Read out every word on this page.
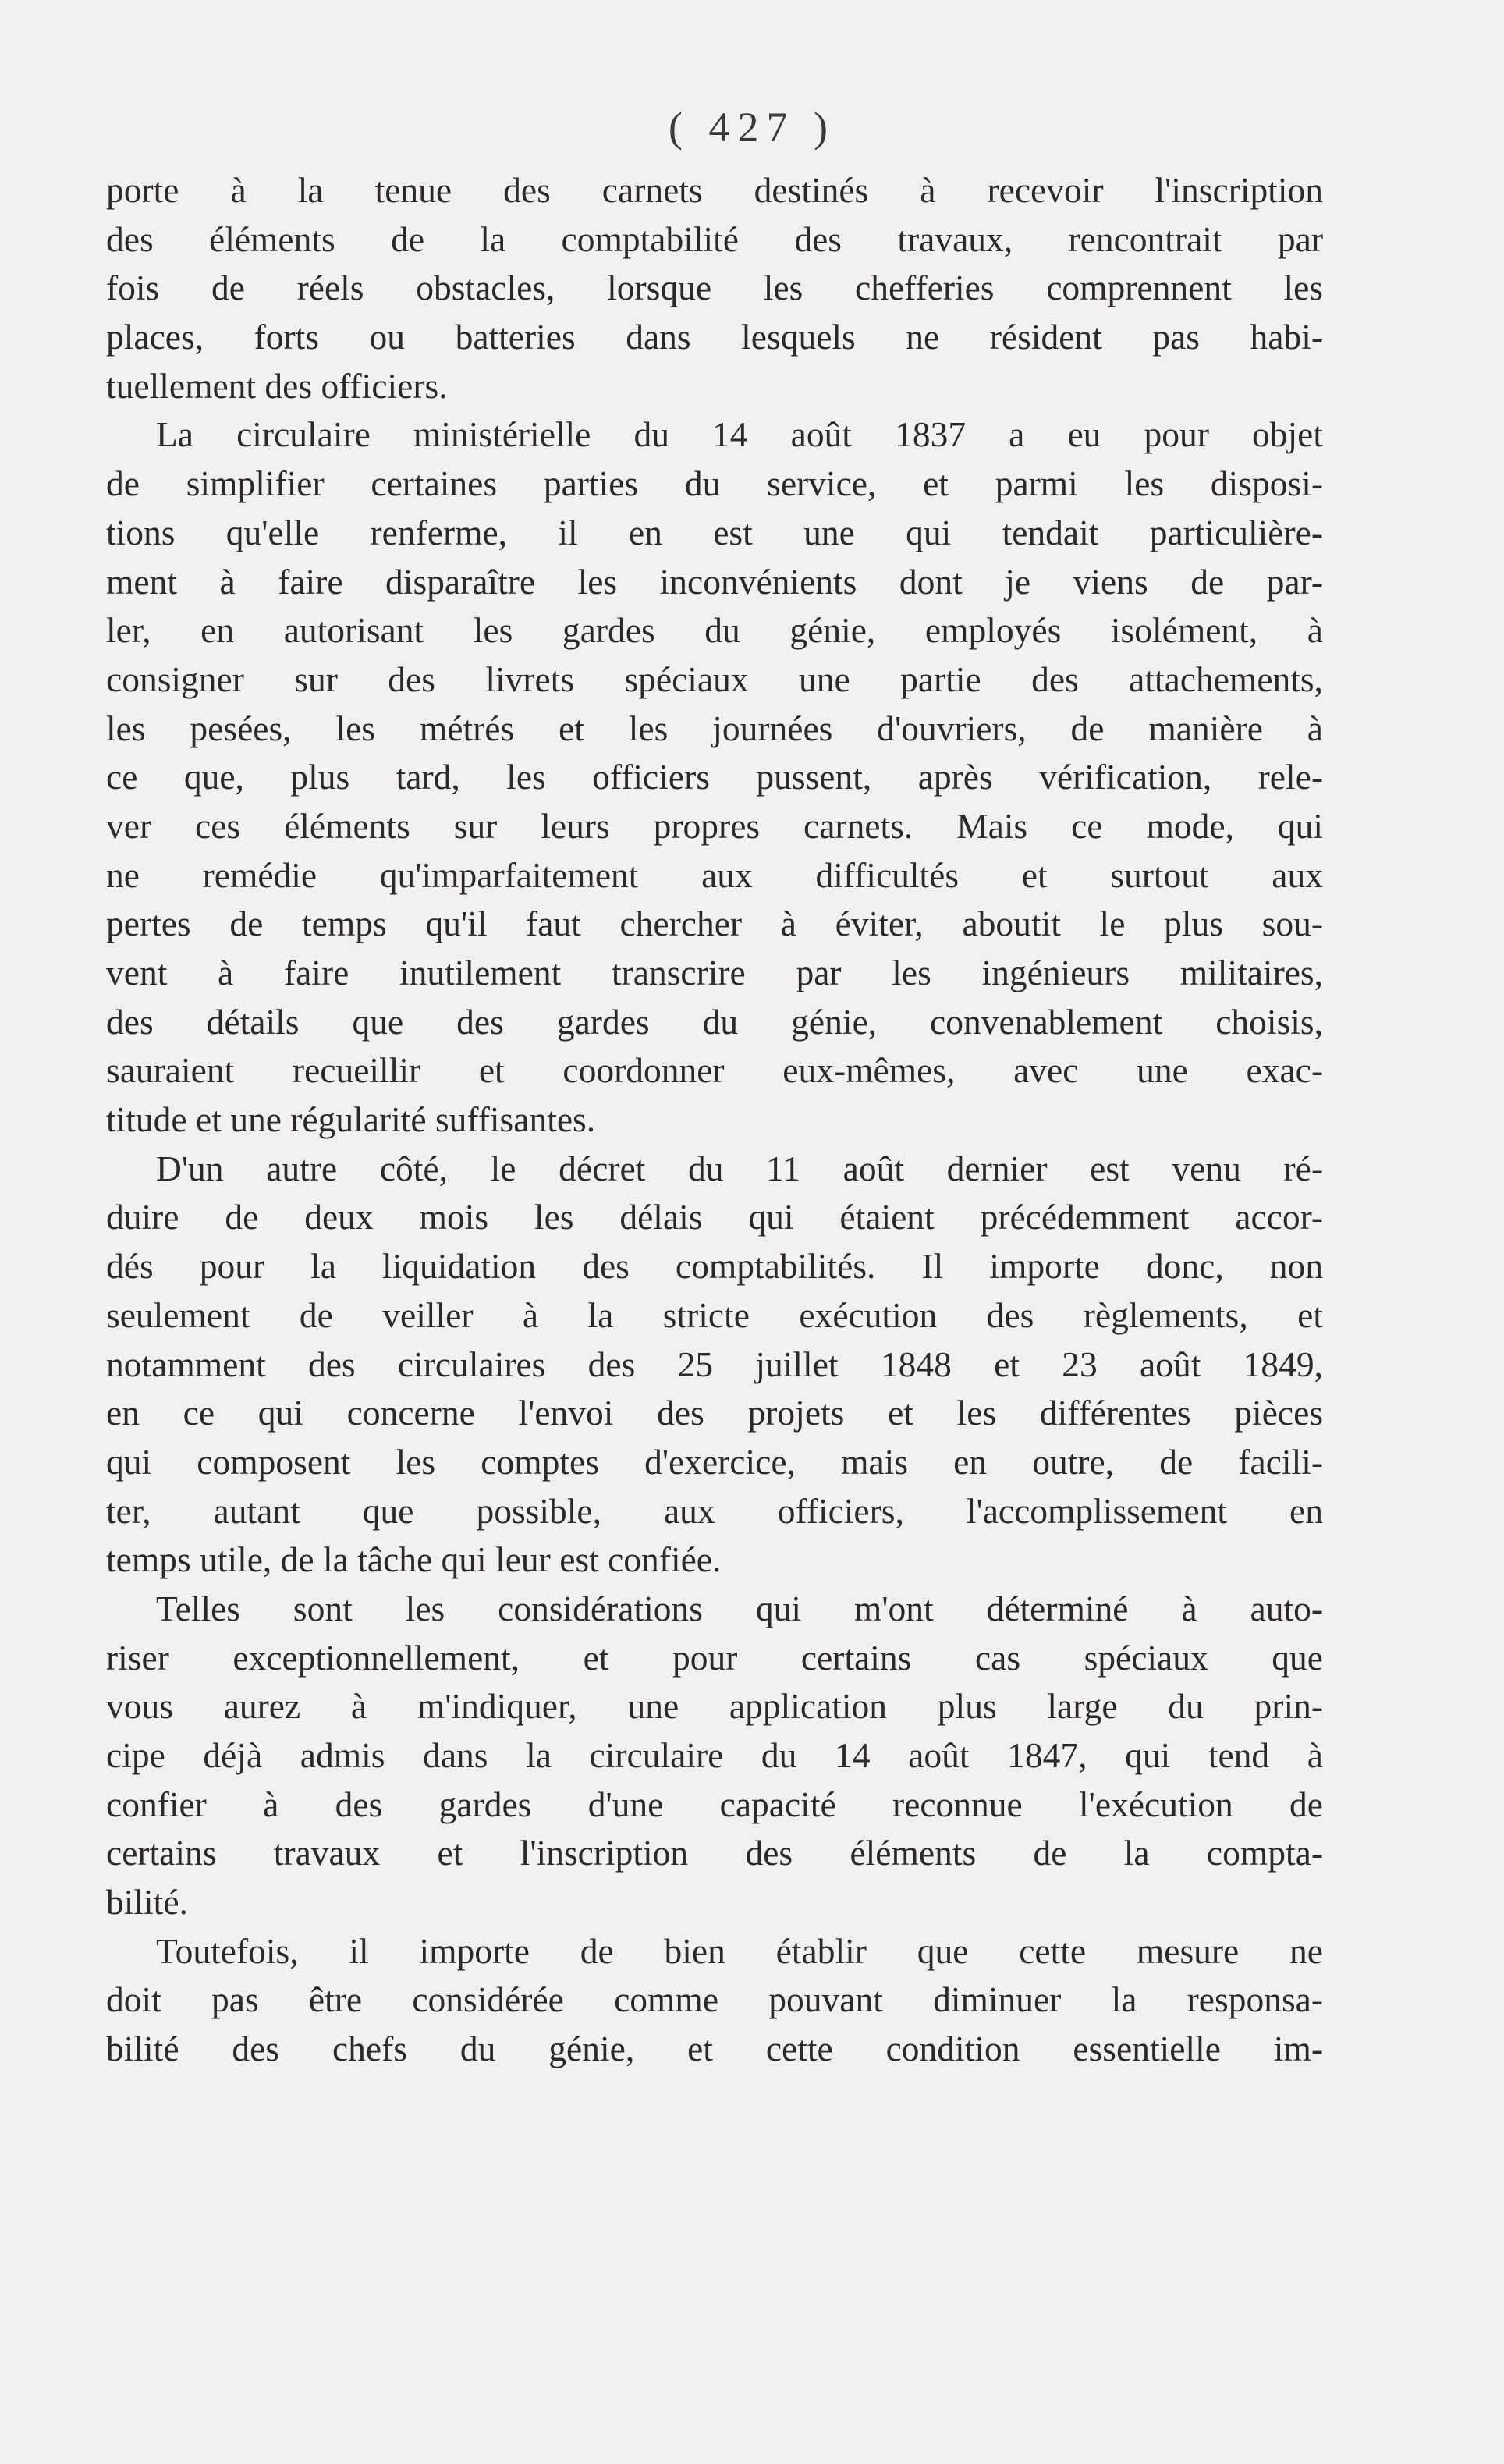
( 427 )
porte à la tenue des carnets destinés à recevoir l'inscription
des éléments de la comptabilité des travaux, rencontrait par
fois de réels obstacles, lorsque les chefferies comprennent les
places, forts ou batteries dans lesquels ne résident pas habi-
tuellement des officiers.
La circulaire ministérielle du 14 août 1837 a eu pour objet
de simplifier certaines parties du service, et parmi les disposi-
tions qu'elle renferme, il en est une qui tendait particulière-
ment à faire disparaître les inconvénients dont je viens de par-
ler, en autorisant les gardes du génie, employés isolément, à
consigner sur des livrets spéciaux une partie des attachements,
les pesées, les métrés et les journées d'ouvriers, de manière à
ce que, plus tard, les officiers pussent, après vérification, rele-
ver ces éléments sur leurs propres carnets. Mais ce mode, qui
ne remédie qu'imparfaitement aux difficultés et surtout aux
pertes de temps qu'il faut chercher à éviter, aboutit le plus sou-
vent à faire inutilement transcrire par les ingénieurs militaires,
des détails que des gardes du génie, convenablement choisis,
sauraient recueillir et coordonner eux-mêmes, avec une exac-
titude et une régularité suffisantes.
D'un autre côté, le décret du 11 août dernier est venu ré-
duire de deux mois les délais qui étaient précédemment accor-
dés pour la liquidation des comptabilités. Il importe donc, non
seulement de veiller à la stricte exécution des règlements, et
notamment des circulaires des 25 juillet 1848 et 23 août 1849,
en ce qui concerne l'envoi des projets et les différentes pièces
qui composent les comptes d'exercice, mais en outre, de facili-
ter, autant que possible, aux officiers, l'accomplissement en
temps utile, de la tâche qui leur est confiée.
Telles sont les considérations qui m'ont déterminé à auto-
riser exceptionnellement, et pour certains cas spéciaux que
vous aurez à m'indiquer, une application plus large du prin-
cipe déjà admis dans la circulaire du 14 août 1847, qui tend à
confier à des gardes d'une capacité reconnue l'exécution de
certains travaux et l'inscription des éléments de la compta-
bilité.
Toutefois, il importe de bien établir que cette mesure ne
doit pas être considérée comme pouvant diminuer la responsa-
bilité des chefs du génie, et cette condition essentielle im-
